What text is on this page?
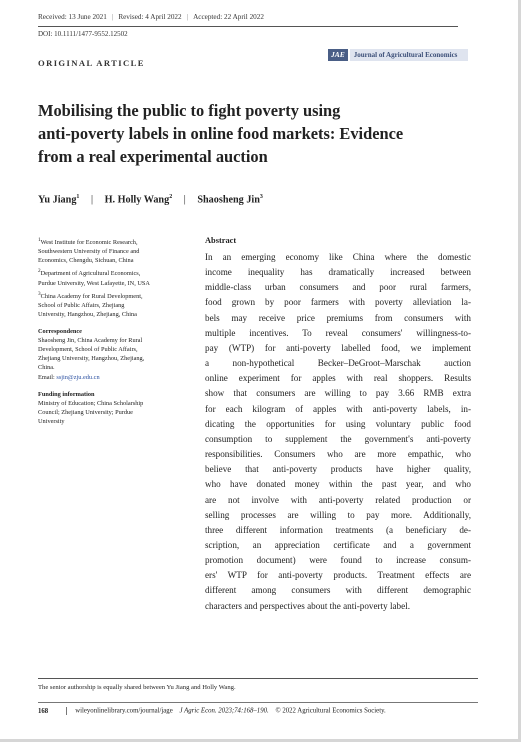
Received: 13 June 2021 | Revised: 4 April 2022 | Accepted: 22 April 2022
DOI: 10.1111/1477-9552.12502
ORIGINAL ARTICLE
JAE	Journal of Agricultural Economics
Mobilising the public to fight poverty using
anti-poverty labels in online food markets: Evidence
from a real experimental auction
Yu Jiang$^1$ | H. Holly Wang$^2$ | Shaosheng Jin$^3$
$^1$West Institute for Economic Research,
Southwestern University of Finance and
Economics, Chengdu, Sichuan, China
$^2$Department of Agricultural Economics,
Purdue University, West Lafayette, IN, USA
$^3$China Academy for Rural Development,
School of Public Affairs, Zhejiang
University, Hangzhou, Zhejiang, China
Correspondence
Shaosheng Jin, China Academy for Rural
Development, School of Public Affairs,
Zhejiang University, Hangzhou, Zhejiang,
China.
Email: ssjin@zju.edu.cn
Funding information
Ministry of Education; China Scholarship
Council; Zhejiang University; Purdue
University
Abstract
In an emerging economy like China where the domestic
income inequality has dramatically increased between
middle-class urban consumers and poor rural farmers,
food grown by poor farmers with poverty alleviation la-
bels may receive price premiums from consumers with
multiple incentives. To reveal consumers' willingness-to-
pay (WTP) for anti-poverty labelled food, we implement
a non-hypothetical Becker–DeGroot–Marschak auction
online experiment for apples with real shoppers. Results
show that consumers are willing to pay 3.66 RMB extra
for each kilogram of apples with anti-poverty labels, in-
dicating the opportunities for using voluntary public food
consumption to supplement the government's anti-poverty
responsibilities. Consumers who are more empathic, who
believe that anti-poverty products have higher quality,
who have donated money within the past year, and who
are not involve with anti-poverty related production or
selling processes are willing to pay more. Additionally,
three different information treatments (a beneficiary de-
scription, an appreciation certificate and a government
promotion document) were found to increase consum-
ers' WTP for anti-poverty products. Treatment effects are
different among consumers with different demographic
characters and perspectives about the anti-poverty label.
The senior authorship is equally shared between Yu Jiang and Holly Wang.
168	wileyonlinelibrary.com/journal/jage J Agric Econ. 2023;74:168–190. © 2022 Agricultural Economics Society.
